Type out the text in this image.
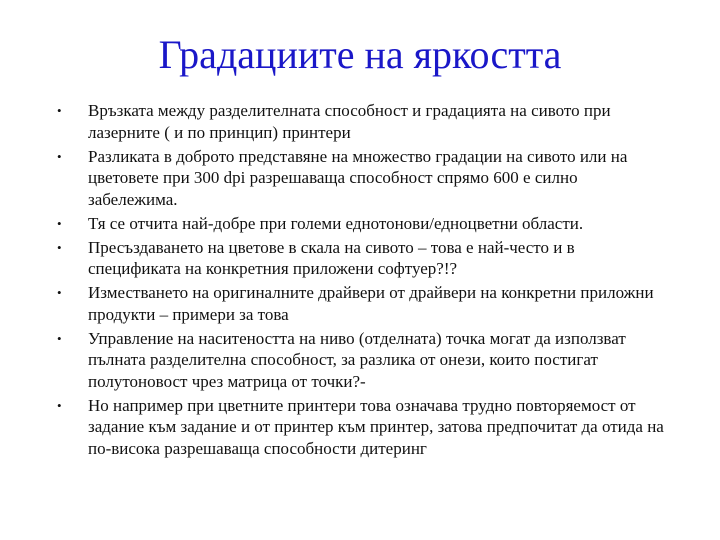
Градациите на яркостта
•	Връзката между разделителната способност и градацията на сивото при лазерните ( и по принцип) принтери
•	Разликата в доброто представяне на множество градации на сивото или на цветовете при 300 dpi разрешаваща способност спрямо 600 е силно забележима.
•	Тя се отчита най-добре при големи еднотонови/едноцветни области.
•	Пресъздаването на цветове в скала на сивото – това е най-често и в спецификата на конкретния приложени софтуер?!?
•	Изместването на оригиналните драйвери от драйвери на конкретни приложни продукти – примери за това
•	Управление на наситеността на ниво (отделната) точка могат да използват пълната разделителна способност, за разлика от онези, които постигат полутоновост чрез матрица от точки?-
•	Но например при цветните принтери това означава трудно повторяемост от задание към задание и от принтер към принтер, затова предпочитат да отида на по-висока разрешаваща способности дитеринг
